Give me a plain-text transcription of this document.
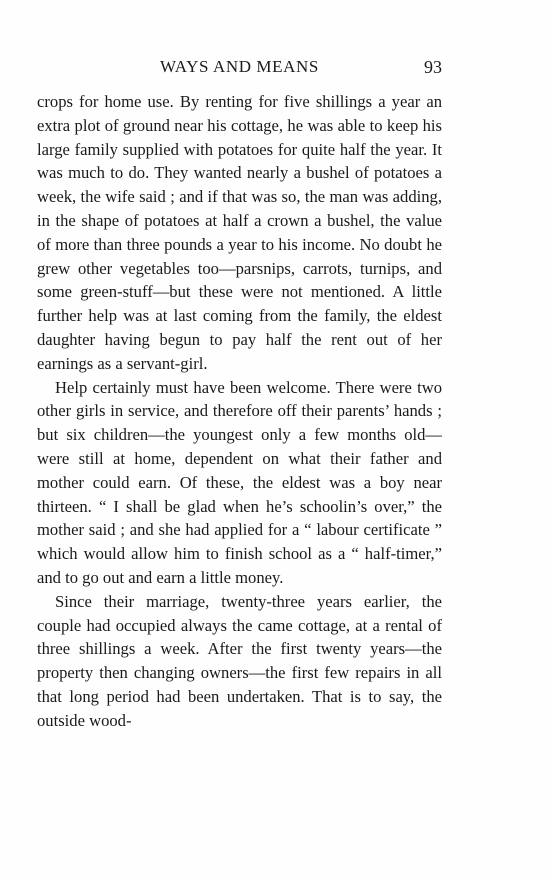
WAYS AND MEANS	93

crops for home use. By renting for five shillings a year an extra plot of ground near his cottage, he was able to keep his large family supplied with potatoes for quite half the year. It was much to do. They wanted nearly a bushel of potatoes a week, the wife said ; and if that was so, the man was adding, in the shape of potatoes at half a crown a bushel, the value of more than three pounds a year to his income. No doubt he grew other vegetables too—parsnips, carrots, turnips, and some green-stuff—but these were not mentioned. A little further help was at last coming from the family, the eldest daughter having begun to pay half the rent out of her earnings as a servant-girl.

Help certainly must have been welcome. There were two other girls in service, and therefore off their parents’ hands ; but six children—the youngest only a few months old—were still at home, dependent on what their father and mother could earn. Of these, the eldest was a boy near thirteen. “ I shall be glad when he’s schoolin’s over,” the mother said ; and she had applied for a “ labour certificate ” which would allow him to finish school as a “ half-timer,” and to go out and earn a little money.

Since their marriage, twenty-three years earlier, the couple had occupied always the came cottage, at a rental of three shillings a week. After the first twenty years—the property then changing owners—the first few repairs in all that long period had been undertaken. That is to say, the outside wood-
